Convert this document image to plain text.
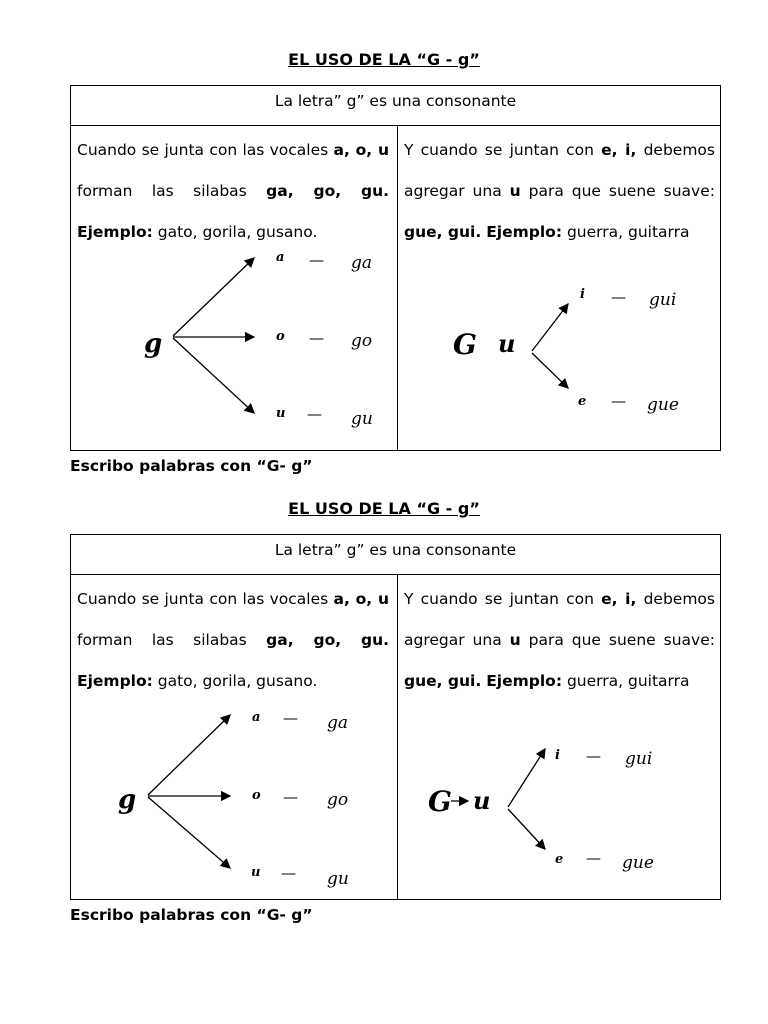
EL USO DE LA “G - g”
La letra” g” es una consonante
Cuando se junta con las vocales a, o, u forman las silabas ga, go, gu. Ejemplo: gato, gorila, gusano.
Y cuando se juntan con e, i, debemos agregar una u para que suene suave: gue, gui. Ejemplo: guerra, guitarra
g
a — ga
o — go
u — gu
G u
i — gui
e — gue
Escribo palabras con “G- g”
EL USO DE LA “G - g”
La letra” g” es una consonante
Cuando se junta con las vocales a, o, u forman las silabas ga, go, gu. Ejemplo: gato, gorila, gusano.
Y cuando se juntan con e, i, debemos agregar una u para que suene suave: gue, gui. Ejemplo: guerra, guitarra
g
a — ga
o — go
u — gu
G u
i — gui
e — gue
Escribo palabras con “G- g”
